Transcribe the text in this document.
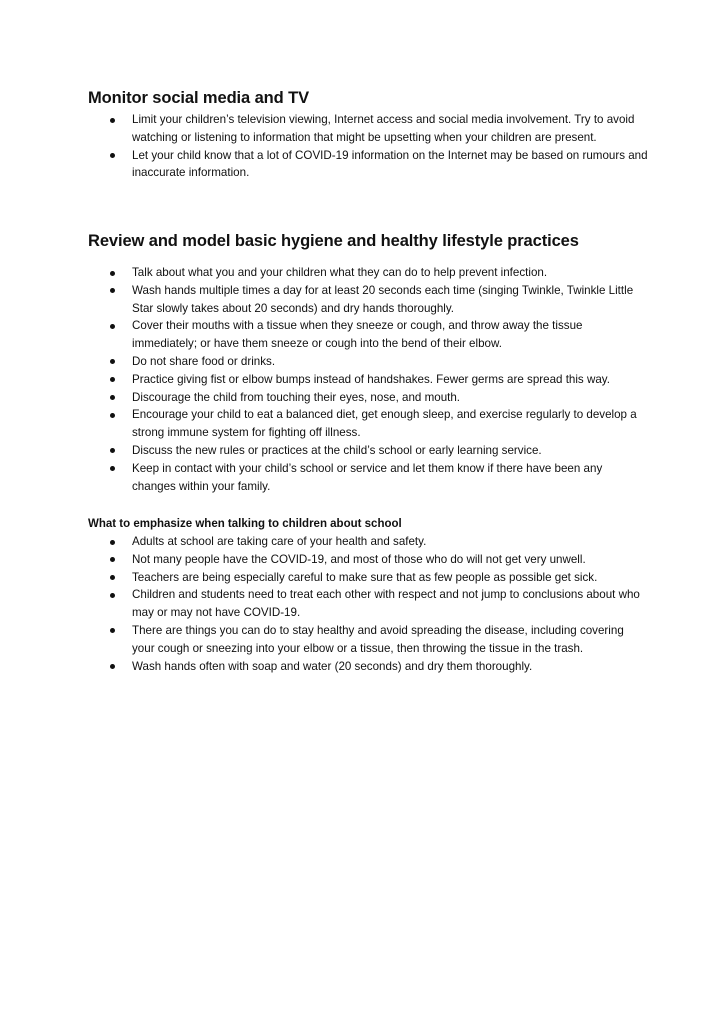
Monitor social media and TV
Limit your children’s television viewing, Internet access and social media involvement. Try to avoid watching or listening to information that might be upsetting when your children are present.
Let your child know that a lot of COVID-19 information on the Internet may be based on rumours and inaccurate information.
Review and model basic hygiene and healthy lifestyle practices
Talk about what you and your children what they can do to help prevent infection.
Wash hands multiple times a day for at least 20 seconds each time (singing Twinkle, Twinkle Little Star slowly takes about 20 seconds) and dry hands thoroughly.
Cover their mouths with a tissue when they sneeze or cough, and throw away the tissue immediately; or have them sneeze or cough into the bend of their elbow.
Do not share food or drinks.
Practice giving fist or elbow bumps instead of handshakes. Fewer germs are spread this way.
Discourage the child from touching their eyes, nose, and mouth.
Encourage your child to eat a balanced diet, get enough sleep, and exercise regularly to develop a strong immune system for fighting off illness.
Discuss the new rules or practices at the child’s school or early learning service.
Keep in contact with your child’s school or service and let them know if there have been any changes within your family.
What to emphasize when talking to children about school
Adults at school are taking care of your health and safety.
Not many people have the COVID-19, and most of those who do will not get very unwell.
Teachers are being especially careful to make sure that as few people as possible get sick.
Children and students need to treat each other with respect and not jump to conclusions about who may or may not have COVID-19.
There are things you can do to stay healthy and avoid spreading the disease, including covering your cough or sneezing into your elbow or a tissue, then throwing the tissue in the trash.
Wash hands often with soap and water (20 seconds) and dry them thoroughly.
